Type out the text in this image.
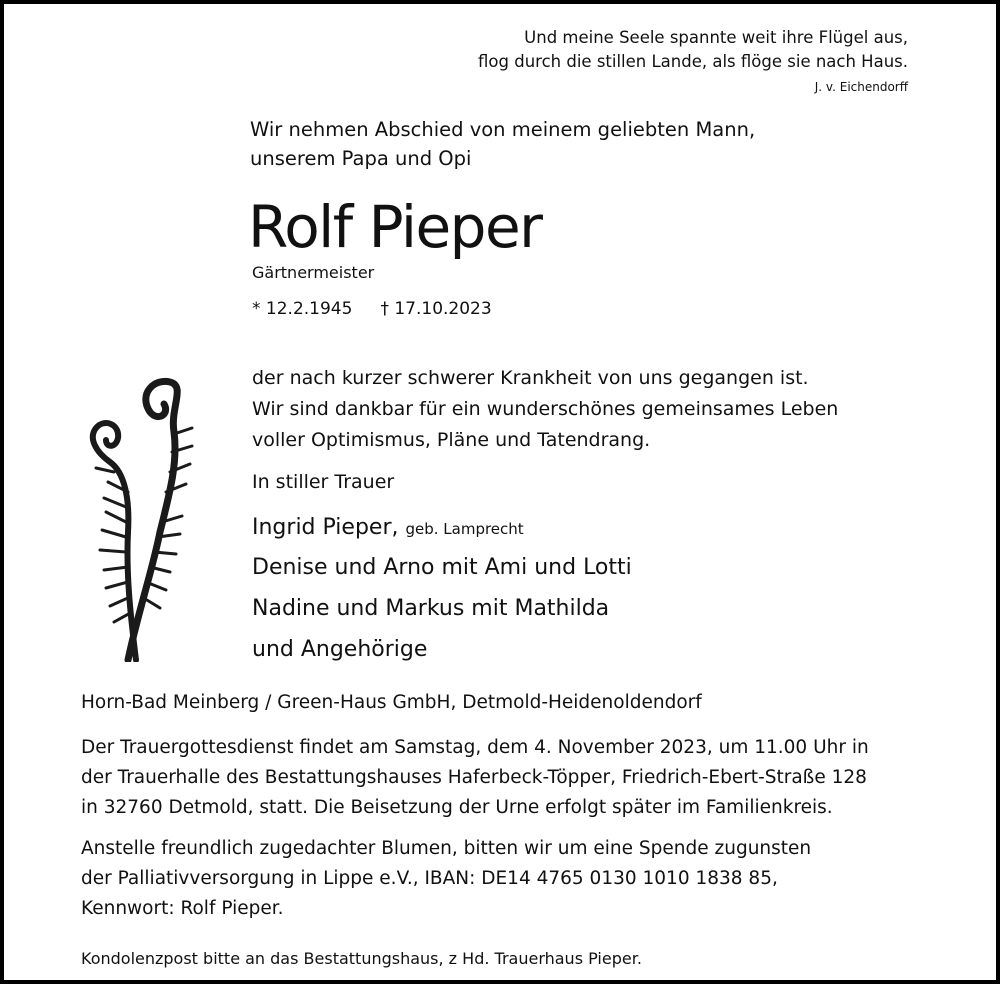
Und meine Seele spannte weit ihre Flügel aus,

flog durch die stillen Lande, als flöge sie nach Haus.

J. v. Eichendorff

Wir nehmen Abschied von meinem geliebten Mann,

unserem Papa und Opi

Rolf Pieper

Gärtnermeister

* 12.2.1945 † 17.10.2023

der nach kurzer schwerer Krankheit von uns gegangen ist.

Wir sind dankbar für ein wunderschönes gemeinsames Leben

voller Optimismus, Pläne und Tatendrang.

In stiller Trauer

Ingrid Pieper, geb. Lamprecht

Denise und Arno mit Ami und Lotti

Nadine und Markus mit Mathilda

und Angehörige

Horn-Bad Meinberg / Green-Haus GmbH, Detmold-Heidenoldendorf

Der Trauergottesdienst findet am Samstag, dem 4. November 2023, um 11.00 Uhr in

der Trauerhalle des Bestattungshauses Haferbeck-Töpper, Friedrich-Ebert-Straße 128

in 32760 Detmold, statt. Die Beisetzung der Urne erfolgt später im Familienkreis.

Anstelle freundlich zugedachter Blumen, bitten wir um eine Spende zugunsten

der Palliativversorgung in Lippe e.V., IBAN: DE14 4765 0130 1010 1838 85,

Kennwort: Rolf Pieper.

Kondolenzpost bitte an das Bestattungshaus, z Hd. Trauerhaus Pieper.
